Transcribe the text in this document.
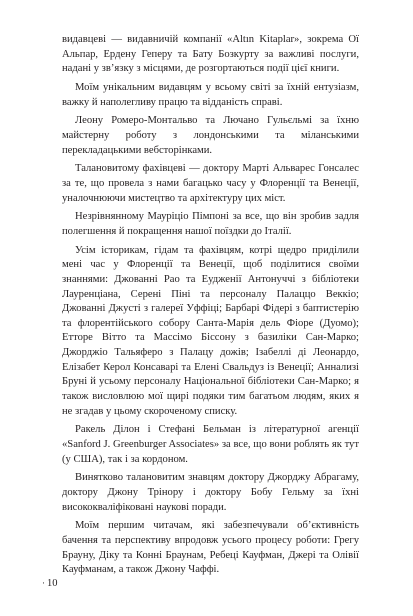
видавцеві — видавничій компанії «Altın Kitaplar», зокрема Ої Альпар, Ердену Геперу та Бату Бозкурту за важливі послуги, надані у зв’язку з місцями, де розгортаються події цієї книги.

Моїм унікальним видавцям у всьому світі за їхній ентузіазм, важку й наполегливу працю та відданість справі.

Леону Ромеро-Монтальво та Лючано Гульєльмі за їхню майстерну роботу з лондонськими та міланськими перекладацькими вебсторінками.

Талановитому фахівцеві — доктору Марті Альварес Гонсалес за те, що провела з нами багацько часу у Флоренції та Венеції, уналочнюючи мистецтво та архітектуру цих міст.

Незрівнянному Мауріціо Пімпоні за все, що він зробив задля полегшення й покращення нашої поїздки до Італії.

Усім історикам, гідам та фахівцям, котрі щедро приділили мені час у Флоренції та Венеції, щоб поділитися своїми знаннями: Джованні Рао та Еудженії Антонуччі з бібліотеки Лауренціана, Серені Піні та персоналу Палаццо Веккіо; Джованні Джусті з галереї Уффіці; Барбарі Фідері з баптистерію та флорентійського собору Санта-Марія дель Фіоре (Дуомо); Етторе Вітто та Массімо Біссону з базиліки Сан-Марко; Джорджіо Тальяферо з Палацу дожів; Ізабеллі ді Леонардо, Елізабет Керол Консаварі та Елені Свальдуз із Венеції; Аннализі Бруні й усьому персоналу Національної бібліотеки Сан-Марко; я також висловлюю мої щирі подяки тим багатьом людям, яких я не згадав у цьому скороченому списку.

Ракель Ділон і Стефані Бельман із літературної агенції «Sanford J. Greenburger Associates» за все, що вони роблять як тут (у США), так і за кордоном.

Винятково талановитим знавцям доктору Джорджу Абрагаму, доктору Джону Трінору і доктору Бобу Гельму за їхні висококваліфіковані наукові поради.

Моїм першим читачам, які забезпечували об’єктивність бачення та перспективу впродовж усього процесу роботи: Грегу Брауну, Діку та Конні Браунам, Ребеці Кауфман, Джері та Олівії Кауфманам, а також Джону Чаффі.

· 10
